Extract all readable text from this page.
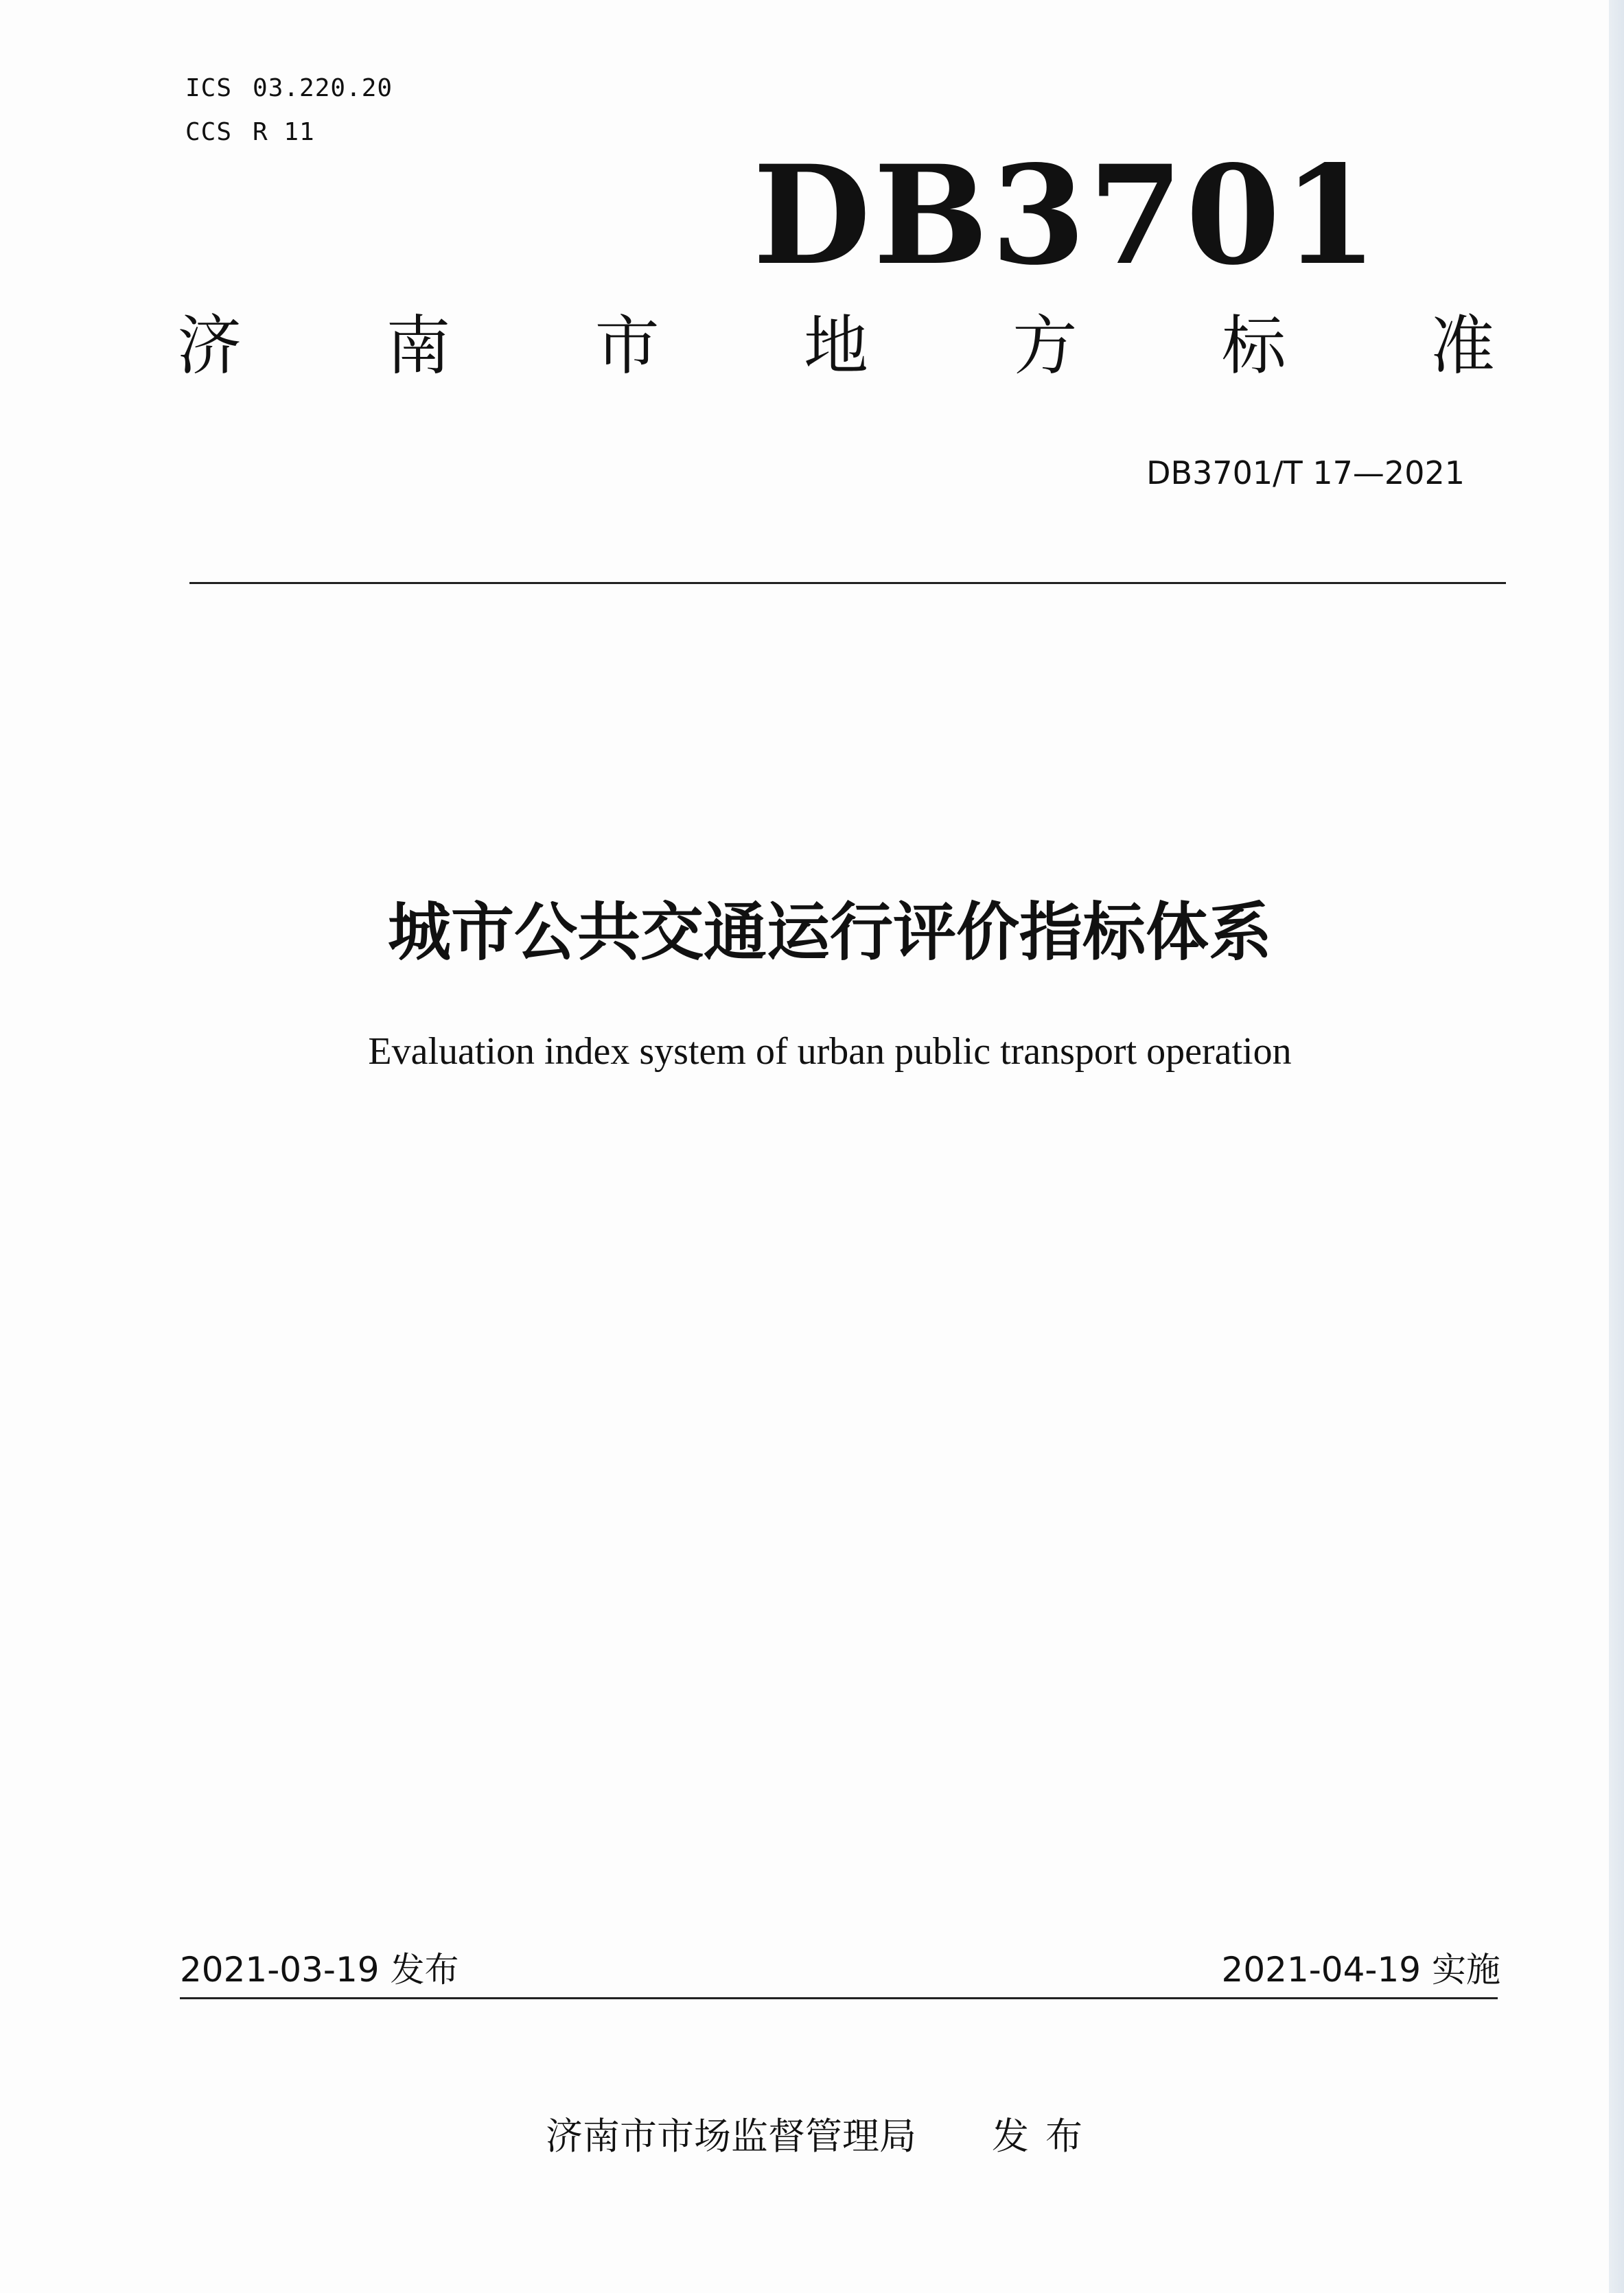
ICS 03.220.20
CCS R 11
DB3701
济 南 市 地 方 标 准
DB3701/T 17—2021
城市公共交通运行评价指标体系
Evaluation index system of urban public transport operation
2021-03-19 发布	2021-04-19 实施
济南市市场监督管理局 发布
